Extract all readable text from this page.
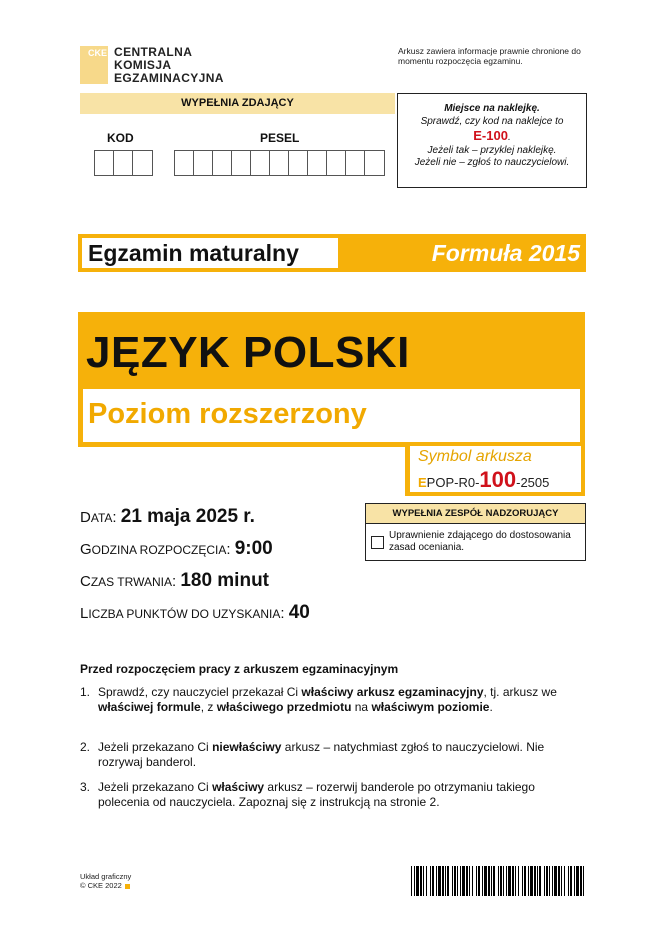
CKE CENTRALNA
KOMISJA
EGZAMINACYJNA
Arkusz zawiera informacje prawnie chronione do momentu rozpoczęcia egzaminu.
WYPEŁNIA ZDAJĄCY
KOD	PESEL
Miejsce na naklejkę.
Sprawdź, czy kod na naklejce to
E-100.
Jeżeli tak – przyklej naklejkę.
Jeżeli nie – zgłoś to nauczycielowi.
Egzamin maturalny	Formuła 2015
JĘZYK POLSKI
Poziom rozszerzony
Symbol arkusza
EPOP-R0-100-2505
DATA: 21 maja 2025 r.
GODZINA ROZPOCZĘCIA: 9:00
CZAS TRWANIA: 180 minut
LICZBA PUNKTÓW DO UZYSKANIA: 40
WYPEŁNIA ZESPÓŁ NADZORUJĄCY
Uprawnienie zdającego do dostosowania zasad oceniania.
Przed rozpoczęciem pracy z arkuszem egzaminacyjnym
1. Sprawdź, czy nauczyciel przekazał Ci właściwy arkusz egzaminacyjny, tj. arkusz we właściwej formule, z właściwego przedmiotu na właściwym poziomie.
2. Jeżeli przekazano Ci niewłaściwy arkusz – natychmiast zgłoś to nauczycielowi. Nie rozrywaj banderol.
3. Jeżeli przekazano Ci właściwy arkusz – rozerwij banderole po otrzymaniu takiego polecenia od nauczyciela. Zapoznaj się z instrukcją na stronie 2.
Układ graficzny
© CKE 2022
